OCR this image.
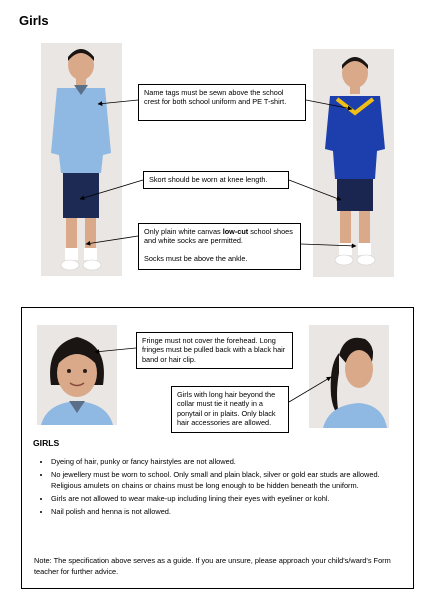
Girls

Name tags must be sewn above the school crest for both school uniform and PE T-shirt.

Skort should be worn at knee length.

Only plain white canvas low-cut school shoes and white socks are permitted.

Socks must be above the ankle.

Fringe must not cover the forehead. Long fringes must be pulled back with a black hair band or hair clip.

Girls with long hair beyond the collar must tie it neatly in a ponytail or in plaits. Only black hair accessories are allowed.

GIRLS
• Dyeing of hair, punky or fancy hairstyles are not allowed.
• No jewellery must be worn to school. Only small and plain black, silver or gold ear studs are allowed. Religious amulets on chains or chains must be long enough to be hidden beneath the uniform.
• Girls are not allowed to wear make-up including lining their eyes with eyeliner or kohl.
• Nail polish and henna is not allowed.
Note: The specification above serves as a guide. If you are unsure, please approach your child's/ward's Form teacher for further advice.
